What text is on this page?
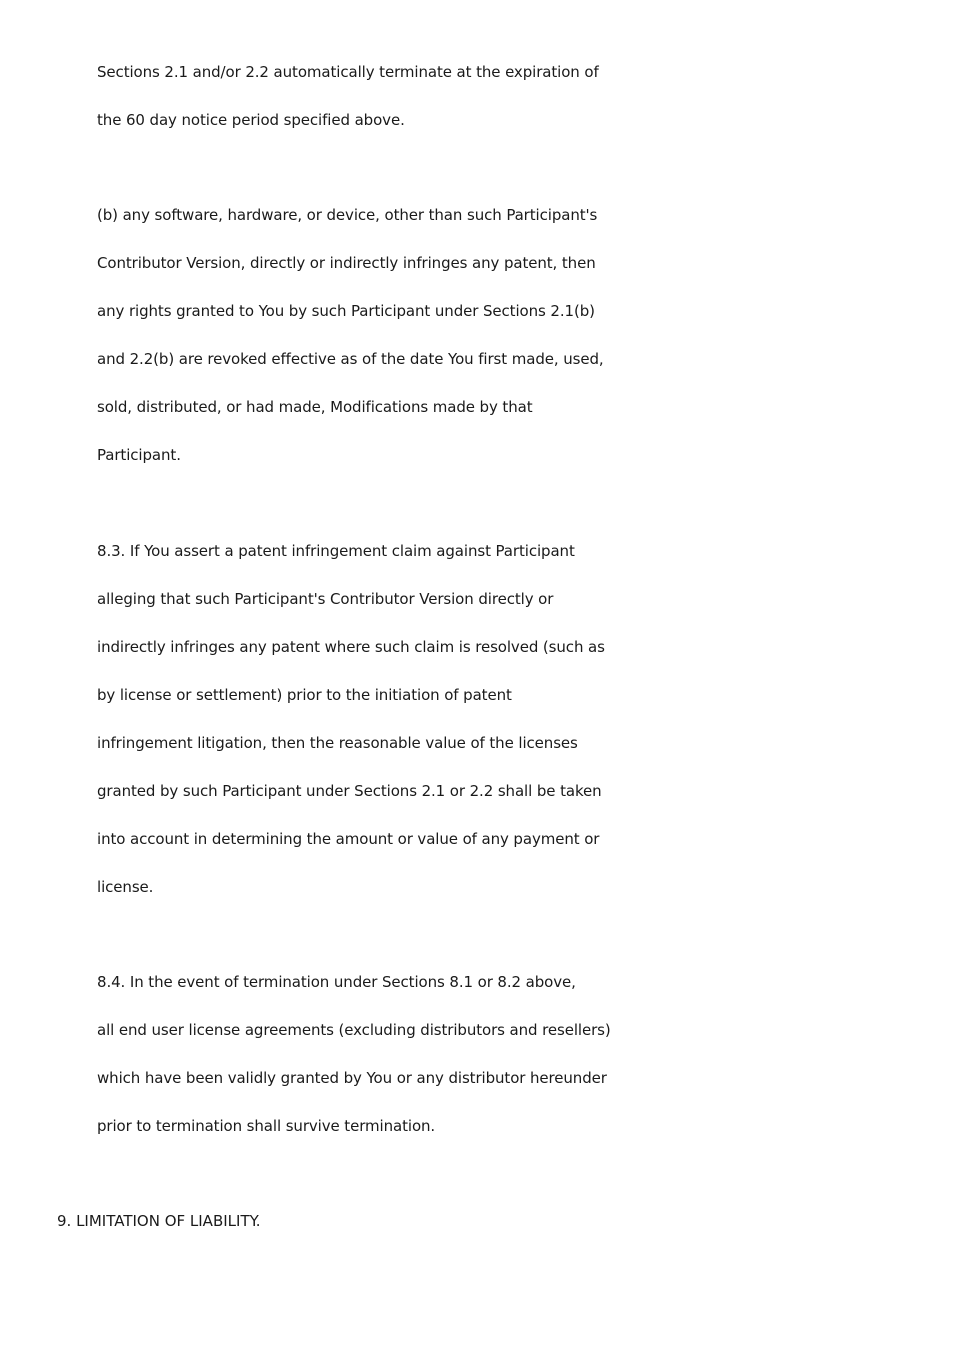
Sections 2.1 and/or 2.2 automatically terminate at the expiration of
the 60 day notice period specified above.
(b) any software, hardware, or device, other than such Participant's
Contributor Version, directly or indirectly infringes any patent, then
any rights granted to You by such Participant under Sections 2.1(b)
and 2.2(b) are revoked effective as of the date You first made, used,
sold, distributed, or had made, Modifications made by that
Participant.
8.3. If You assert a patent infringement claim against Participant
alleging that such Participant's Contributor Version directly or
indirectly infringes any patent where such claim is resolved (such as
by license or settlement) prior to the initiation of patent
infringement litigation, then the reasonable value of the licenses
granted by such Participant under Sections 2.1 or 2.2 shall be taken
into account in determining the amount or value of any payment or
license.
8.4. In the event of termination under Sections 8.1 or 8.2 above,
all end user license agreements (excluding distributors and resellers)
which have been validly granted by You or any distributor hereunder
prior to termination shall survive termination.
9. LIMITATION OF LIABILITY.
